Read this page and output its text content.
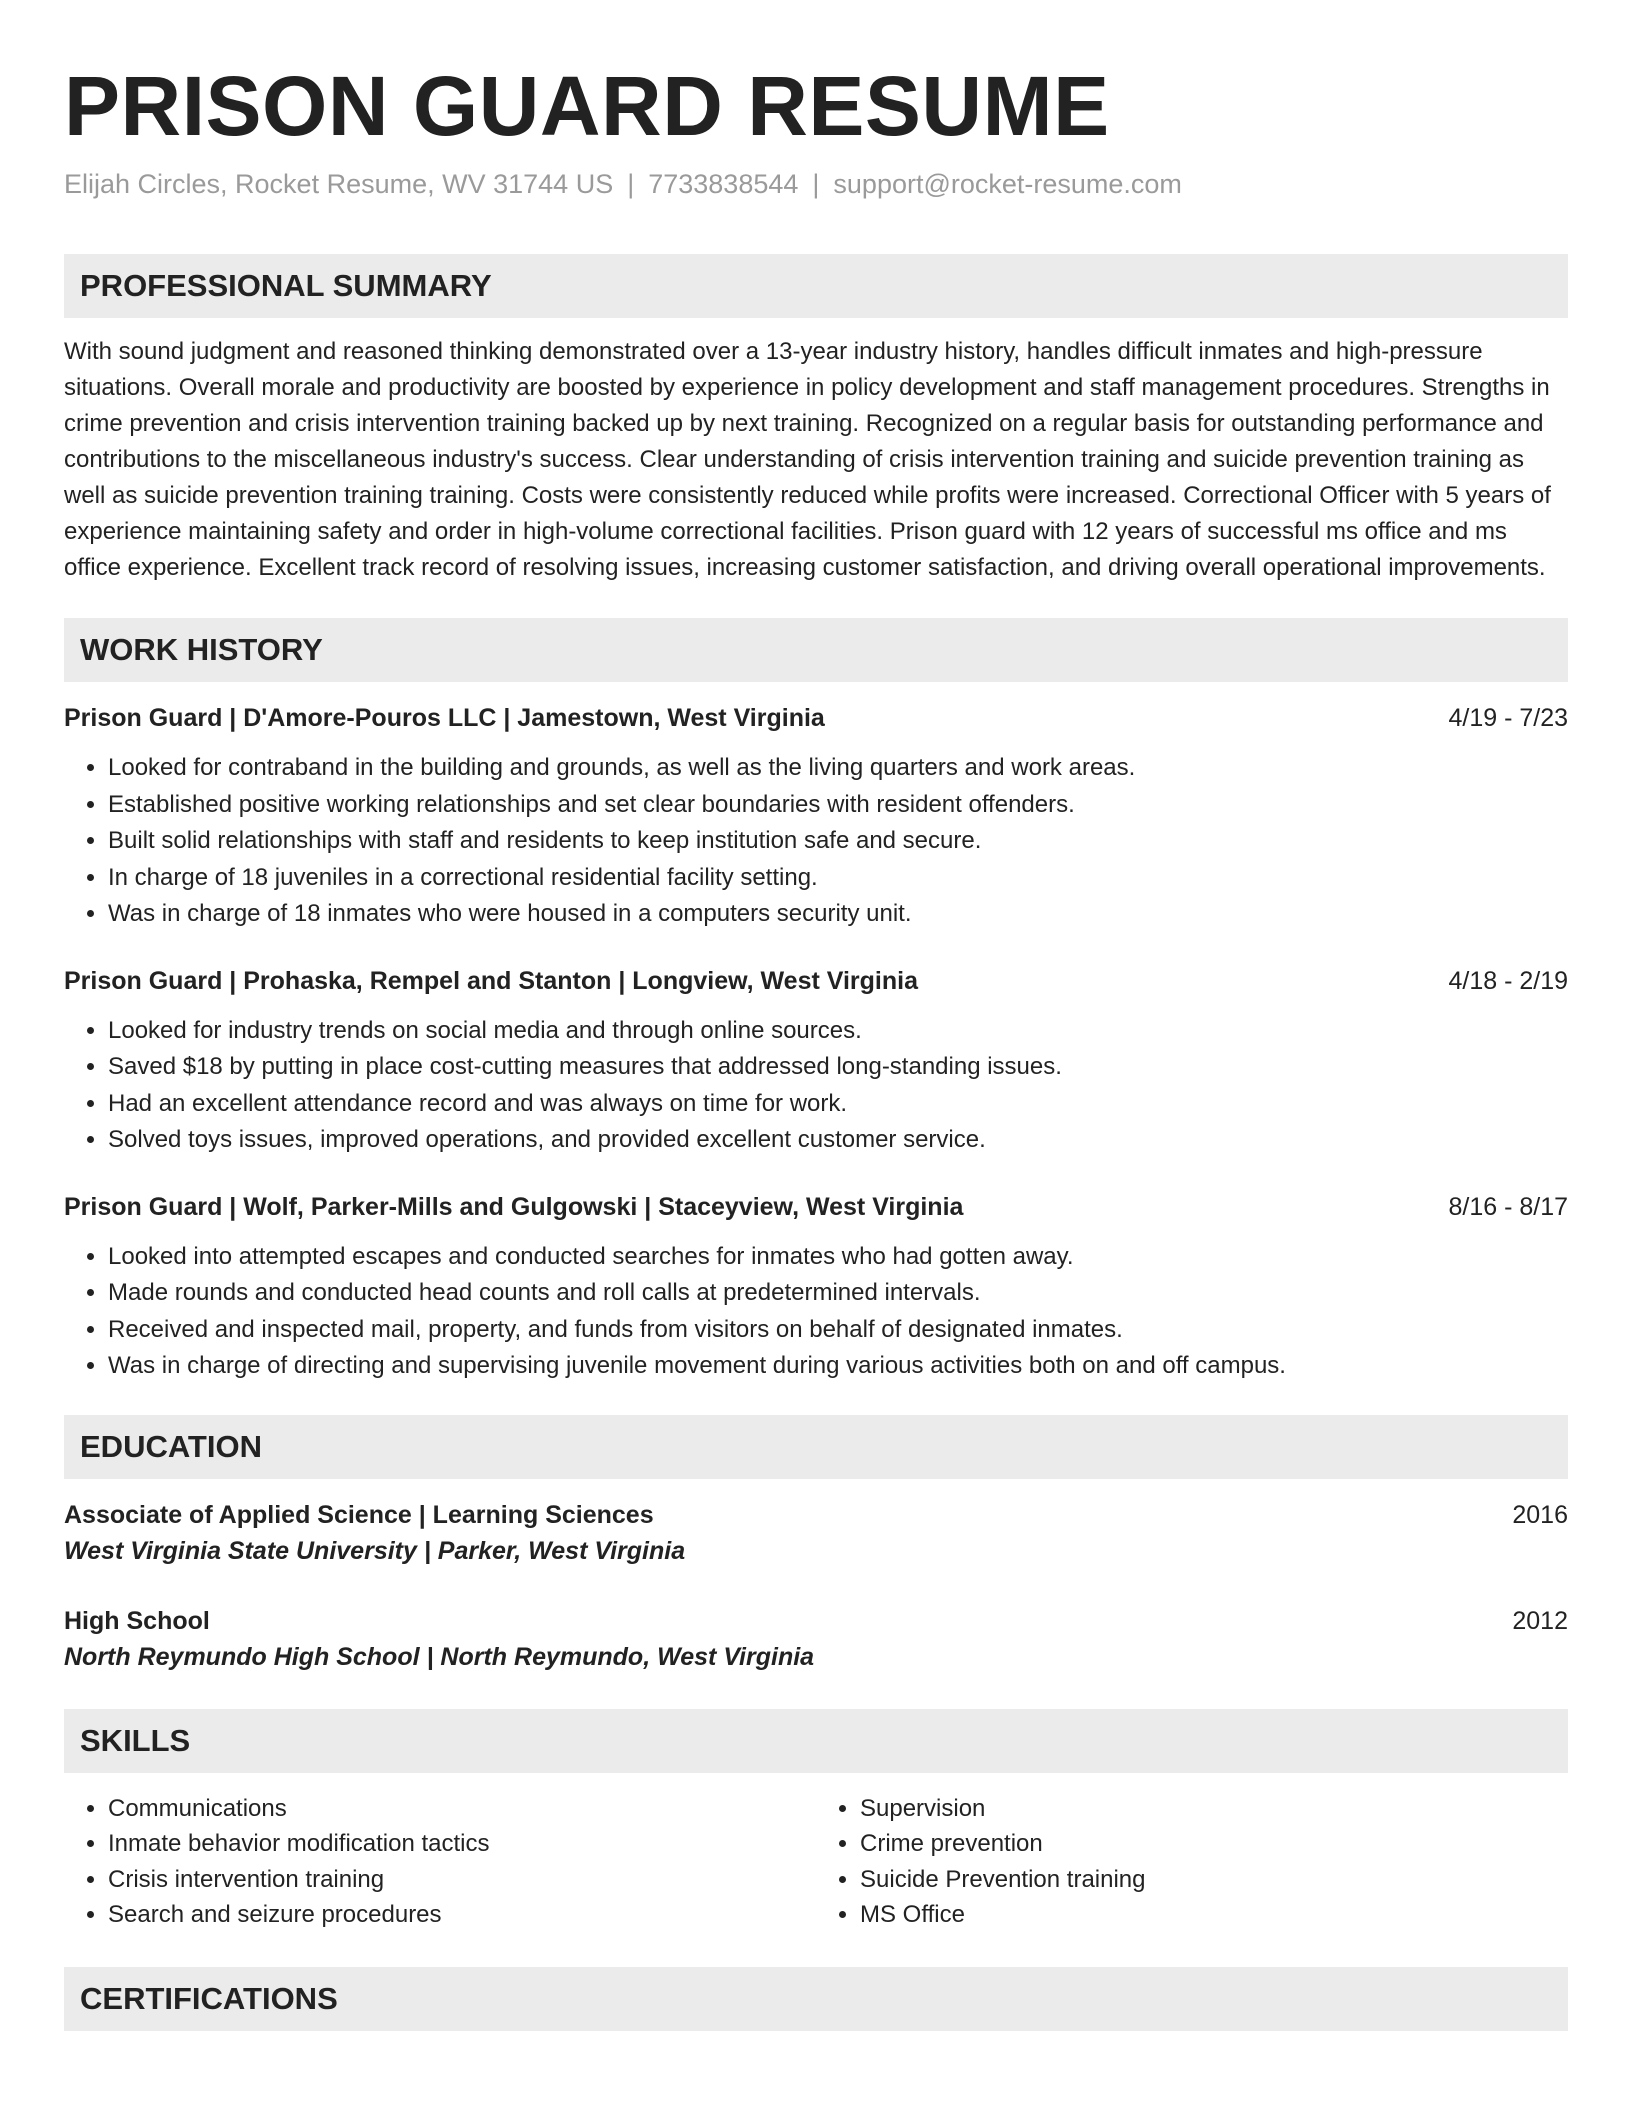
PRISON GUARD RESUME
Elijah Circles, Rocket Resume, WV 31744 US | 7733838544 | support@rocket-resume.com
PROFESSIONAL SUMMARY
With sound judgment and reasoned thinking demonstrated over a 13-year industry history, handles difficult inmates and high-pressure situations. Overall morale and productivity are boosted by experience in policy development and staff management procedures. Strengths in crime prevention and crisis intervention training backed up by next training. Recognized on a regular basis for outstanding performance and contributions to the miscellaneous industry's success. Clear understanding of crisis intervention training and suicide prevention training as well as suicide prevention training training. Costs were consistently reduced while profits were increased. Correctional Officer with 5 years of experience maintaining safety and order in high-volume correctional facilities. Prison guard with 12 years of successful ms office and ms office experience. Excellent track record of resolving issues, increasing customer satisfaction, and driving overall operational improvements.
WORK HISTORY
Prison Guard | D'Amore-Pouros LLC | Jamestown, West Virginia	4/19 - 7/23
• Looked for contraband in the building and grounds, as well as the living quarters and work areas.
• Established positive working relationships and set clear boundaries with resident offenders.
• Built solid relationships with staff and residents to keep institution safe and secure.
• In charge of 18 juveniles in a correctional residential facility setting.
• Was in charge of 18 inmates who were housed in a computers security unit.
Prison Guard | Prohaska, Rempel and Stanton | Longview, West Virginia	4/18 - 2/19
• Looked for industry trends on social media and through online sources.
• Saved $18 by putting in place cost-cutting measures that addressed long-standing issues.
• Had an excellent attendance record and was always on time for work.
• Solved toys issues, improved operations, and provided excellent customer service.
Prison Guard | Wolf, Parker-Mills and Gulgowski | Staceyview, West Virginia	8/16 - 8/17
• Looked into attempted escapes and conducted searches for inmates who had gotten away.
• Made rounds and conducted head counts and roll calls at predetermined intervals.
• Received and inspected mail, property, and funds from visitors on behalf of designated inmates.
• Was in charge of directing and supervising juvenile movement during various activities both on and off campus.
EDUCATION
Associate of Applied Science | Learning Sciences	2016
West Virginia State University | Parker, West Virginia
High School	2012
North Reymundo High School | North Reymundo, West Virginia
SKILLS
• Communications
• Inmate behavior modification tactics
• Crisis intervention training
• Search and seizure procedures
• Supervision
• Crime prevention
• Suicide Prevention training
• MS Office
CERTIFICATIONS
